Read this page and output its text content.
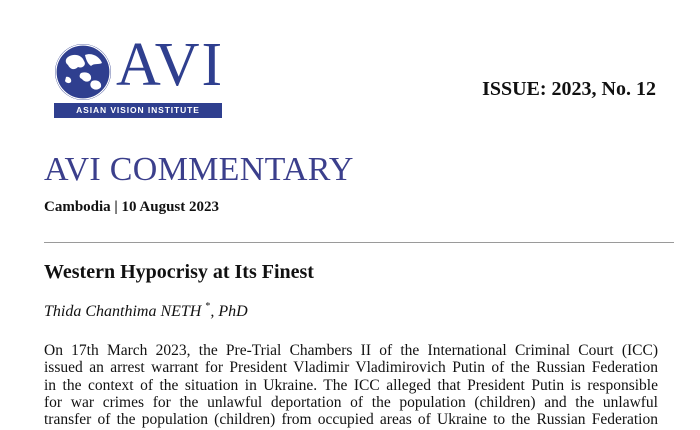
AVI
ASIAN VISION INSTITUTE
ISSUE: 2023, No. 12
AVI COMMENTARY
Cambodia | 10 August 2023
Western Hypocrisy at Its Finest
Thida Chanthima NETH *, PhD
On 17th March 2023, the Pre-Trial Chambers II of the International Criminal Court (ICC)
issued an arrest warrant for President Vladimir Vladimirovich Putin of the Russian Federation
in the context of the situation in Ukraine. The ICC alleged that President Putin is responsible
for war crimes for the unlawful deportation of the population (children) and the unlawful
transfer of the population (children) from occupied areas of Ukraine to the Russian Federation
